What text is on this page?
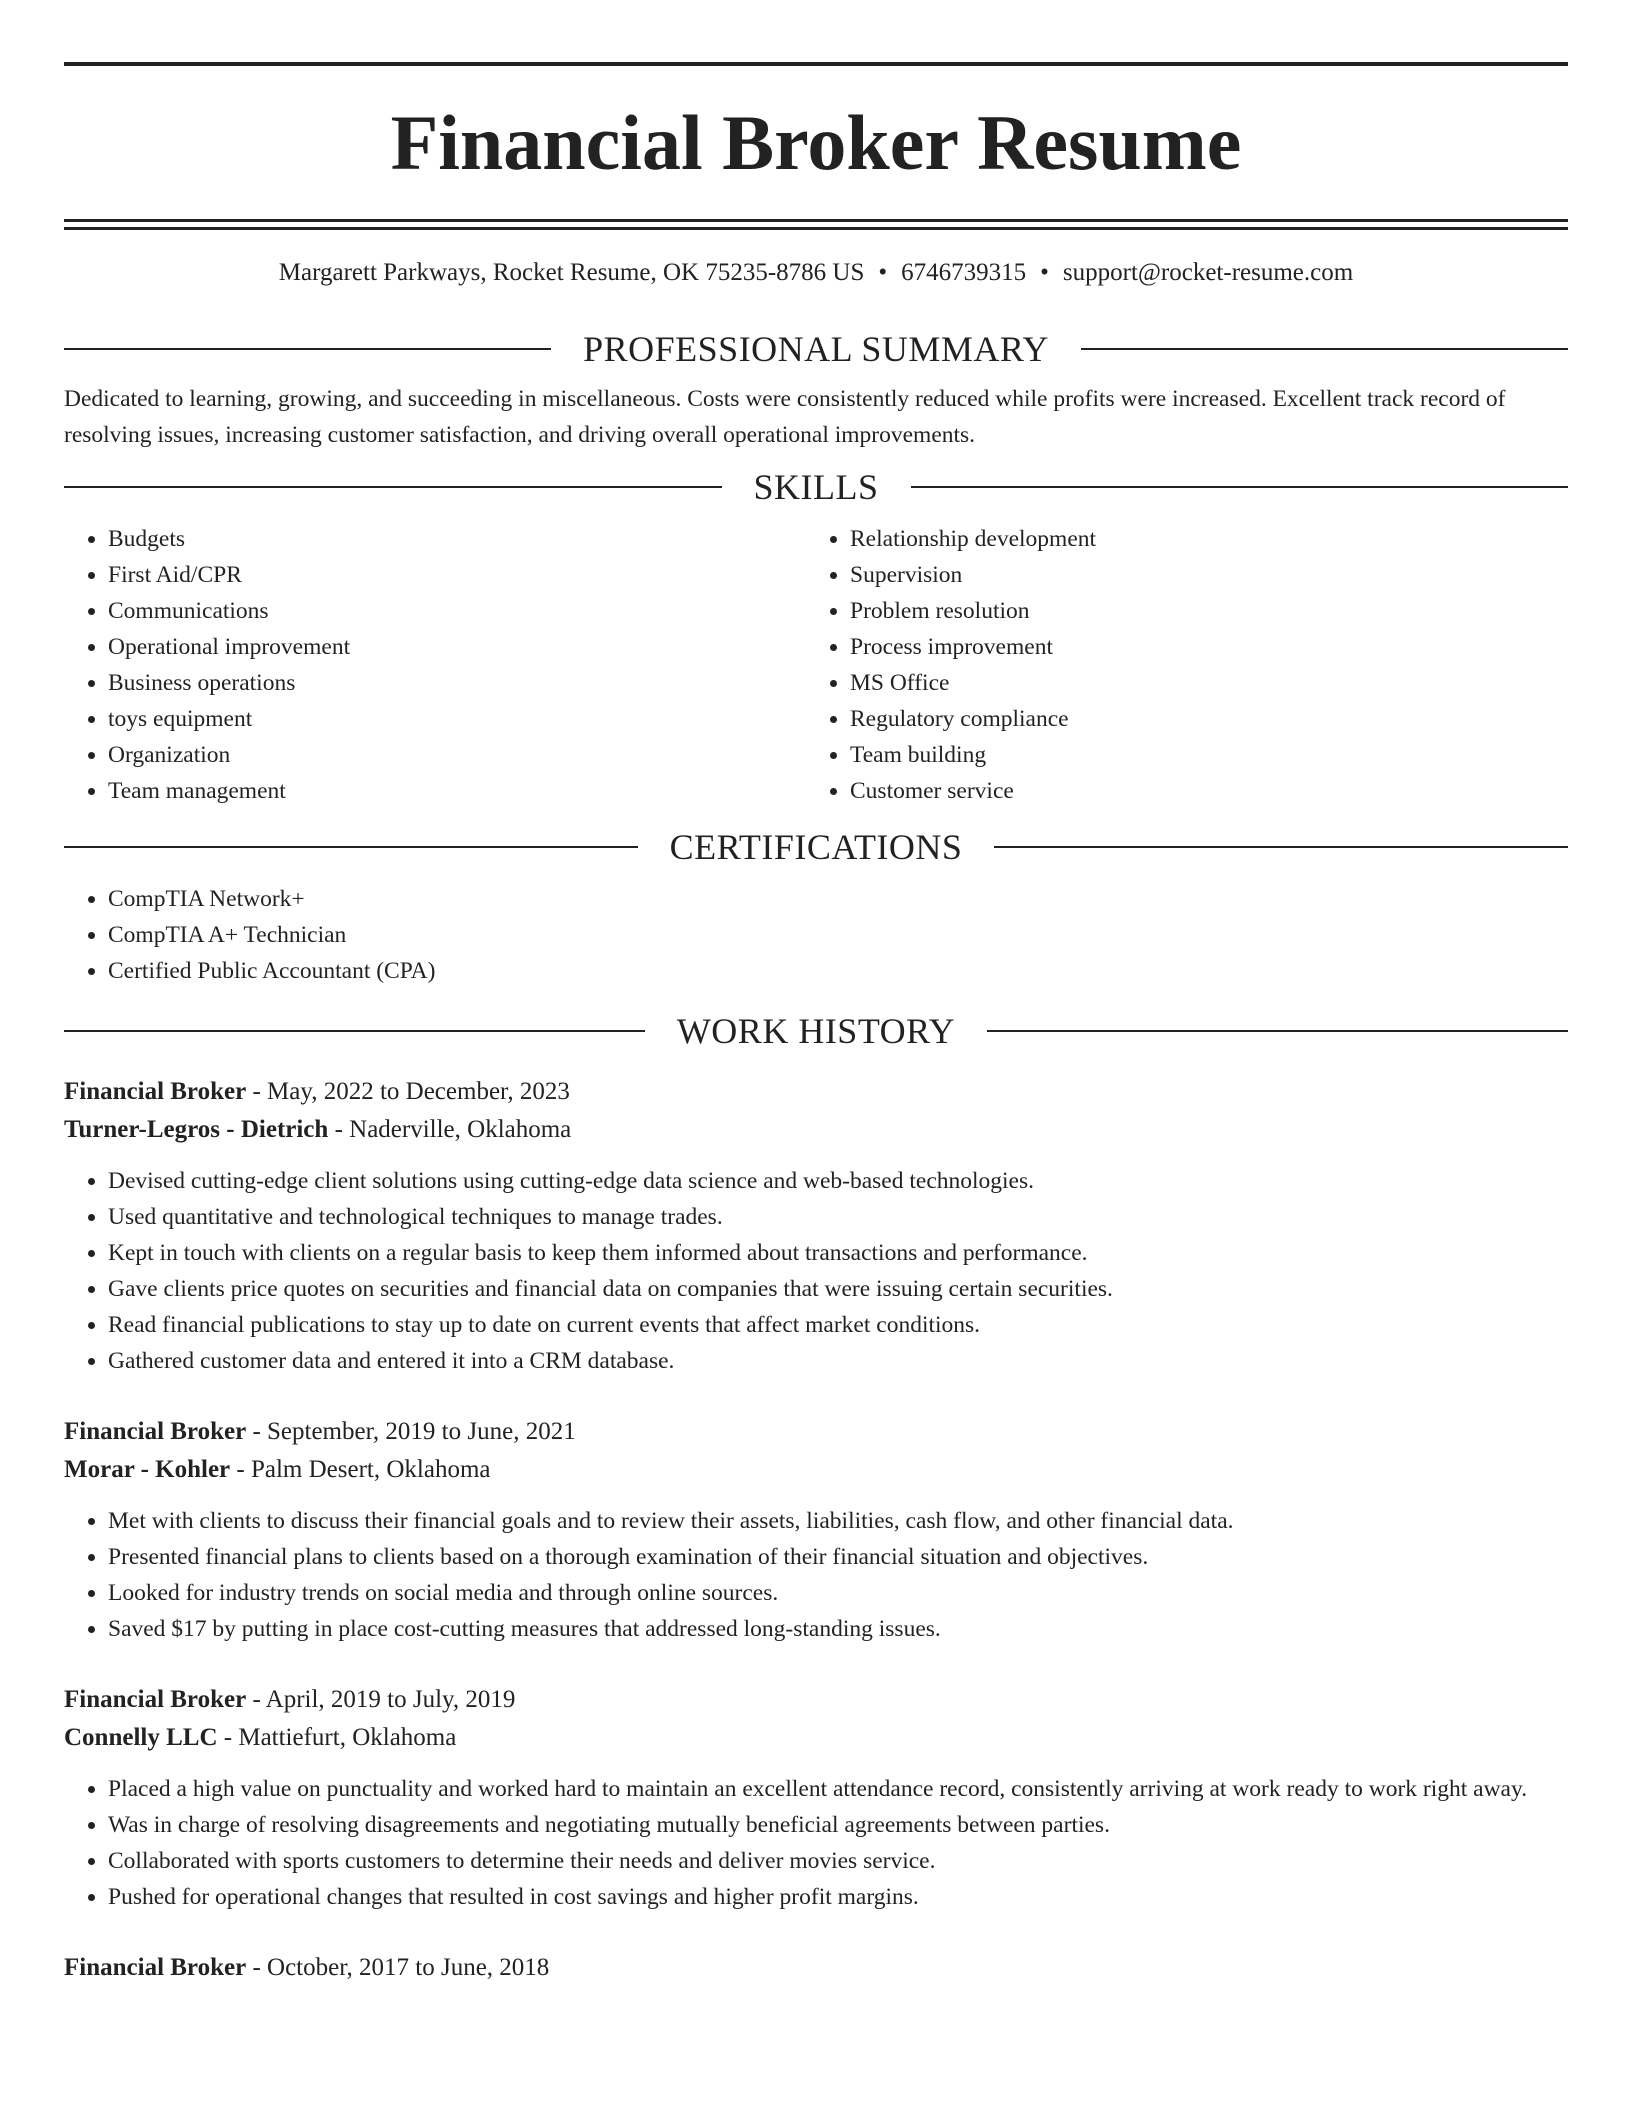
Financial Broker Resume
Margarett Parkways, Rocket Resume, OK 75235-8786 US • 6746739315 • support@rocket-resume.com
PROFESSIONAL SUMMARY

Dedicated to learning, growing, and succeeding in miscellaneous. Costs were consistently reduced while profits were increased. Excellent track record of resolving issues, increasing customer satisfaction, and driving overall operational improvements.

SKILLS
• Budgets
• First Aid/CPR
• Communications
• Operational improvement
• Business operations
• toys equipment
• Organization
• Team management
• Relationship development
• Supervision
• Problem resolution
• Process improvement
• MS Office
• Regulatory compliance
• Team building
• Customer service
CERTIFICATIONS
• CompTIA Network+
• CompTIA A+ Technician
• Certified Public Accountant (CPA)
WORK HISTORY
Financial Broker - May, 2022 to December, 2023
Turner-Legros - Dietrich - Naderville, Oklahoma
• Devised cutting-edge client solutions using cutting-edge data science and web-based technologies.
• Used quantitative and technological techniques to manage trades.
• Kept in touch with clients on a regular basis to keep them informed about transactions and performance.
• Gave clients price quotes on securities and financial data on companies that were issuing certain securities.
• Read financial publications to stay up to date on current events that affect market conditions.
• Gathered customer data and entered it into a CRM database.
Financial Broker - September, 2019 to June, 2021
Morar - Kohler - Palm Desert, Oklahoma
• Met with clients to discuss their financial goals and to review their assets, liabilities, cash flow, and other financial data.
• Presented financial plans to clients based on a thorough examination of their financial situation and objectives.
• Looked for industry trends on social media and through online sources.
• Saved $17 by putting in place cost-cutting measures that addressed long-standing issues.
Financial Broker - April, 2019 to July, 2019
Connelly LLC - Mattiefurt, Oklahoma
• Placed a high value on punctuality and worked hard to maintain an excellent attendance record, consistently arriving at work ready to work right away.
• Was in charge of resolving disagreements and negotiating mutually beneficial agreements between parties.
• Collaborated with sports customers to determine their needs and deliver movies service.
• Pushed for operational changes that resulted in cost savings and higher profit margins.
Financial Broker - October, 2017 to June, 2018
